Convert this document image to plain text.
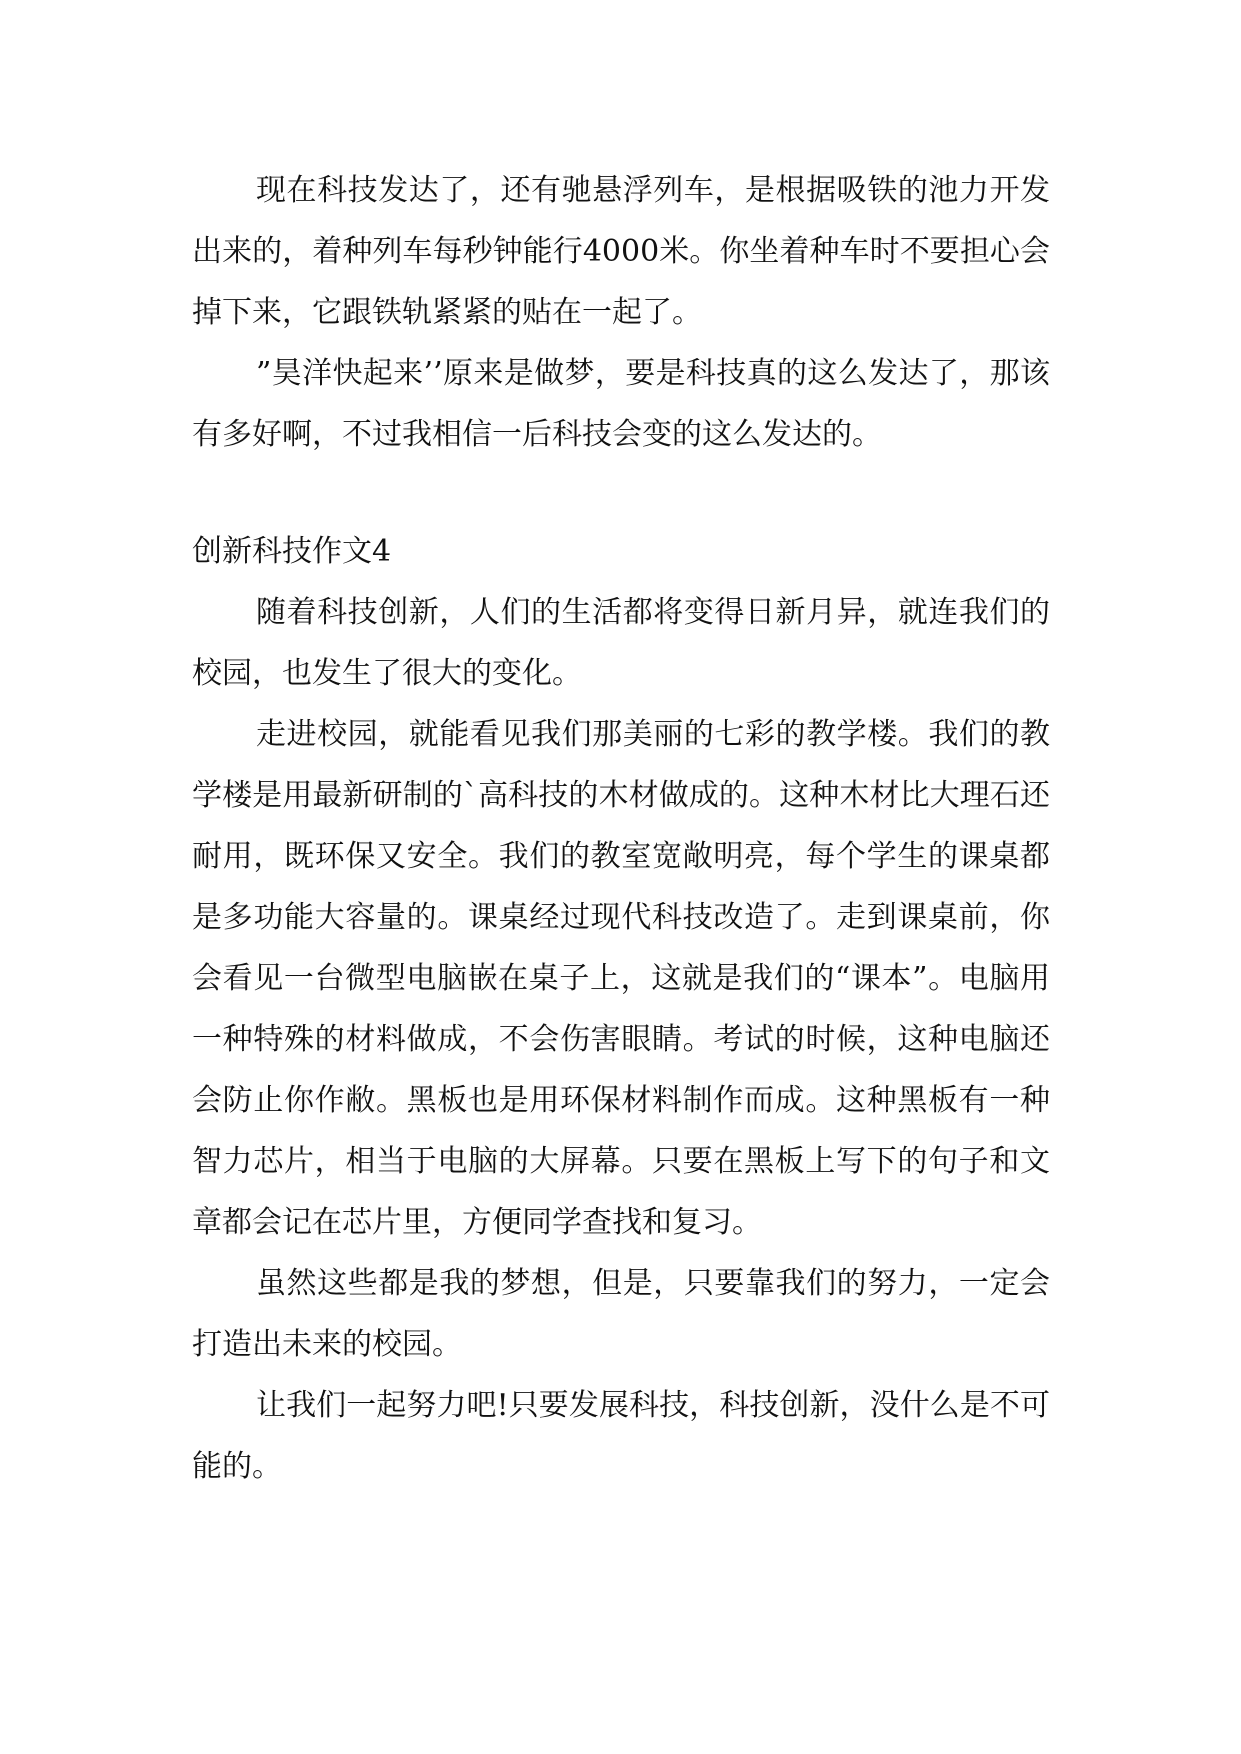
现在科技发达了，还有驰悬浮列车，是根据吸铁的池力开发出来的，着种列车每秒钟能行4000米。你坐着种车时不要担心会掉下来，它跟铁轨紧紧的贴在一起了。

”昊洋快起来’’原来是做梦，要是科技真的这么发达了，那该有多好啊，不过我相信一后科技会变的这么发达的。

创新科技作文4

随着科技创新，人们的生活都将变得日新月异，就连我们的校园，也发生了很大的变化。

走进校园，就能看见我们那美丽的七彩的教学楼。我们的教学楼是用最新研制的`高科技的木材做成的。这种木材比大理石还耐用，既环保又安全。我们的教室宽敞明亮，每个学生的课桌都是多功能大容量的。课桌经过现代科技改造了。走到课桌前，你会看见一台微型电脑嵌在桌子上，这就是我们的“课本”。电脑用一种特殊的材料做成，不会伤害眼睛。考试的时候，这种电脑还会防止你作敝。黑板也是用环保材料制作而成。这种黑板有一种智力芯片，相当于电脑的大屏幕。只要在黑板上写下的句子和文章都会记在芯片里，方便同学查找和复习。

虽然这些都是我的梦想，但是，只要靠我们的努力，一定会打造出未来的校园。

让我们一起努力吧!只要发展科技，科技创新，没什么是不可能的。
